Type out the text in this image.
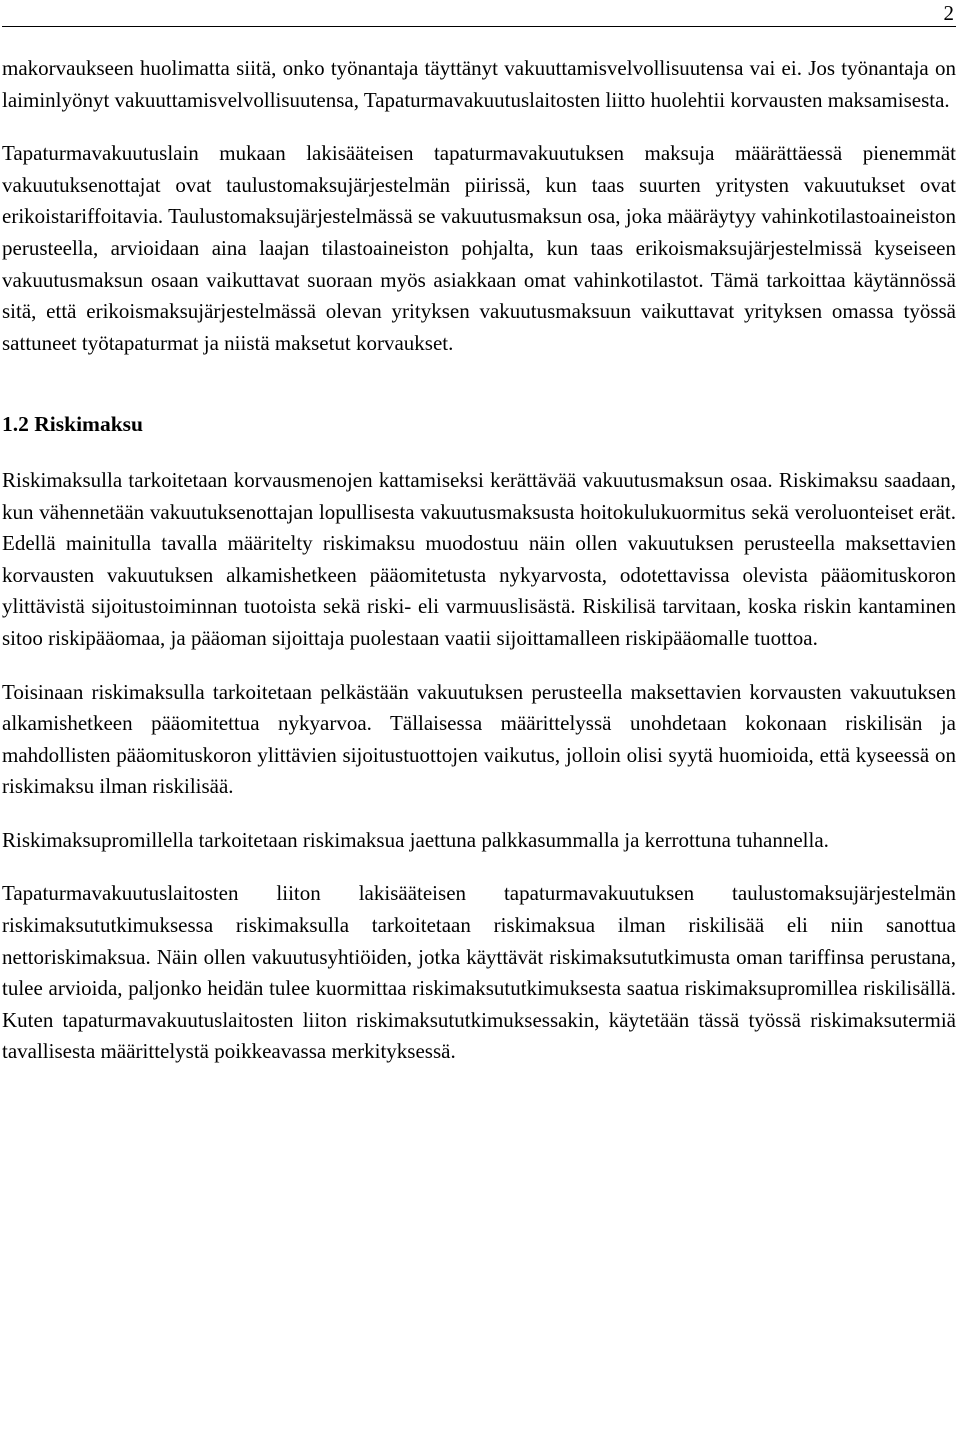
2

makorvaukseen huolimatta siitä, onko työnantaja täyttänyt vakuuttamisvelvollisuutensa vai ei. Jos työnantaja on laiminlyönyt vakuuttamisvelvollisuutensa, Tapaturmavakuutuslaitosten liitto huolehtii korvausten maksamisesta.

Tapaturmavakuutuslain mukaan lakisääteisen tapaturmavakuutuksen maksuja määrättäessä pienemmät vakuutuksenottajat ovat taulustomaksujärjestelmän piirissä, kun taas suurten yritysten vakuutukset ovat erikoistariffoitavia. Taulustomaksujärjestelmässä se vakuutusmaksun osa, joka määräytyy vahinkotilastoaineiston perusteella, arvioidaan aina laajan tilastoaineiston pohjalta, kun taas erikoismaksujärjestelmissä kyseiseen vakuutusmaksun osaan vaikuttavat suoraan myös asiakkaan omat vahinkotilastot. Tämä tarkoittaa käytännössä sitä, että erikoismaksujärjestelmässä olevan yrityksen vakuutusmaksuun vaikuttavat yrityksen omassa työssä sattuneet työtapaturmat ja niistä maksetut korvaukset.

1.2 Riskimaksu

Riskimaksulla tarkoitetaan korvausmenojen kattamiseksi kerättävää vakuutusmaksun osaa. Riskimaksu saadaan, kun vähennetään vakuutuksenottajan lopullisesta vakuutusmaksusta hoitokulukuormitus sekä veroluonteiset erät. Edellä mainitulla tavalla määritelty riskimaksu muodostuu näin ollen vakuutuksen perusteella maksettavien korvausten vakuutuksen alkamishetkeen pääomitetusta nykyarvosta, odotettavissa olevista pääomituskoron ylittävistä sijoitustoiminnan tuotoista sekä riski- eli varmuuslisästä. Riskilisä tarvitaan, koska riskin kantaminen sitoo riskipääomaa, ja pääoman sijoittaja puolestaan vaatii sijoittamalleen riskipääomalle tuottoa.

Toisinaan riskimaksulla tarkoitetaan pelkästään vakuutuksen perusteella maksettavien korvausten vakuutuksen alkamishetkeen pääomitettua nykyarvoa. Tällaisessa määrittelyssä unohdetaan kokonaan riskilisän ja mahdollisten pääomituskoron ylittävien sijoitustuottojen vaikutus, jolloin olisi syytä huomioida, että kyseessä on riskimaksu ilman riskilisää.

Riskimaksupromillella tarkoitetaan riskimaksua jaettuna palkkasummalla ja kerrottuna tuhannella.

Tapaturmavakuutuslaitosten liiton lakisääteisen tapaturmavakuutuksen taulustomaksujärjestelmän riskimaksututkimuksessa riskimaksulla tarkoitetaan riskimaksua ilman riskilisää eli niin sanottua nettoriskimaksua. Näin ollen vakuutusyhtiöiden, jotka käyttävät riskimaksututkimusta oman tariffinsa perustana, tulee arvioida, paljonko heidän tulee kuormittaa riskimaksututkimuksesta saatua riskimaksupromillea riskilisällä. Kuten tapaturmavakuutuslaitosten liiton riskimaksututkimuksessakin, käytetään tässä työssä riskimaksutermiä tavallisesta määrittelystä poikkeavassa merkityksessä.
